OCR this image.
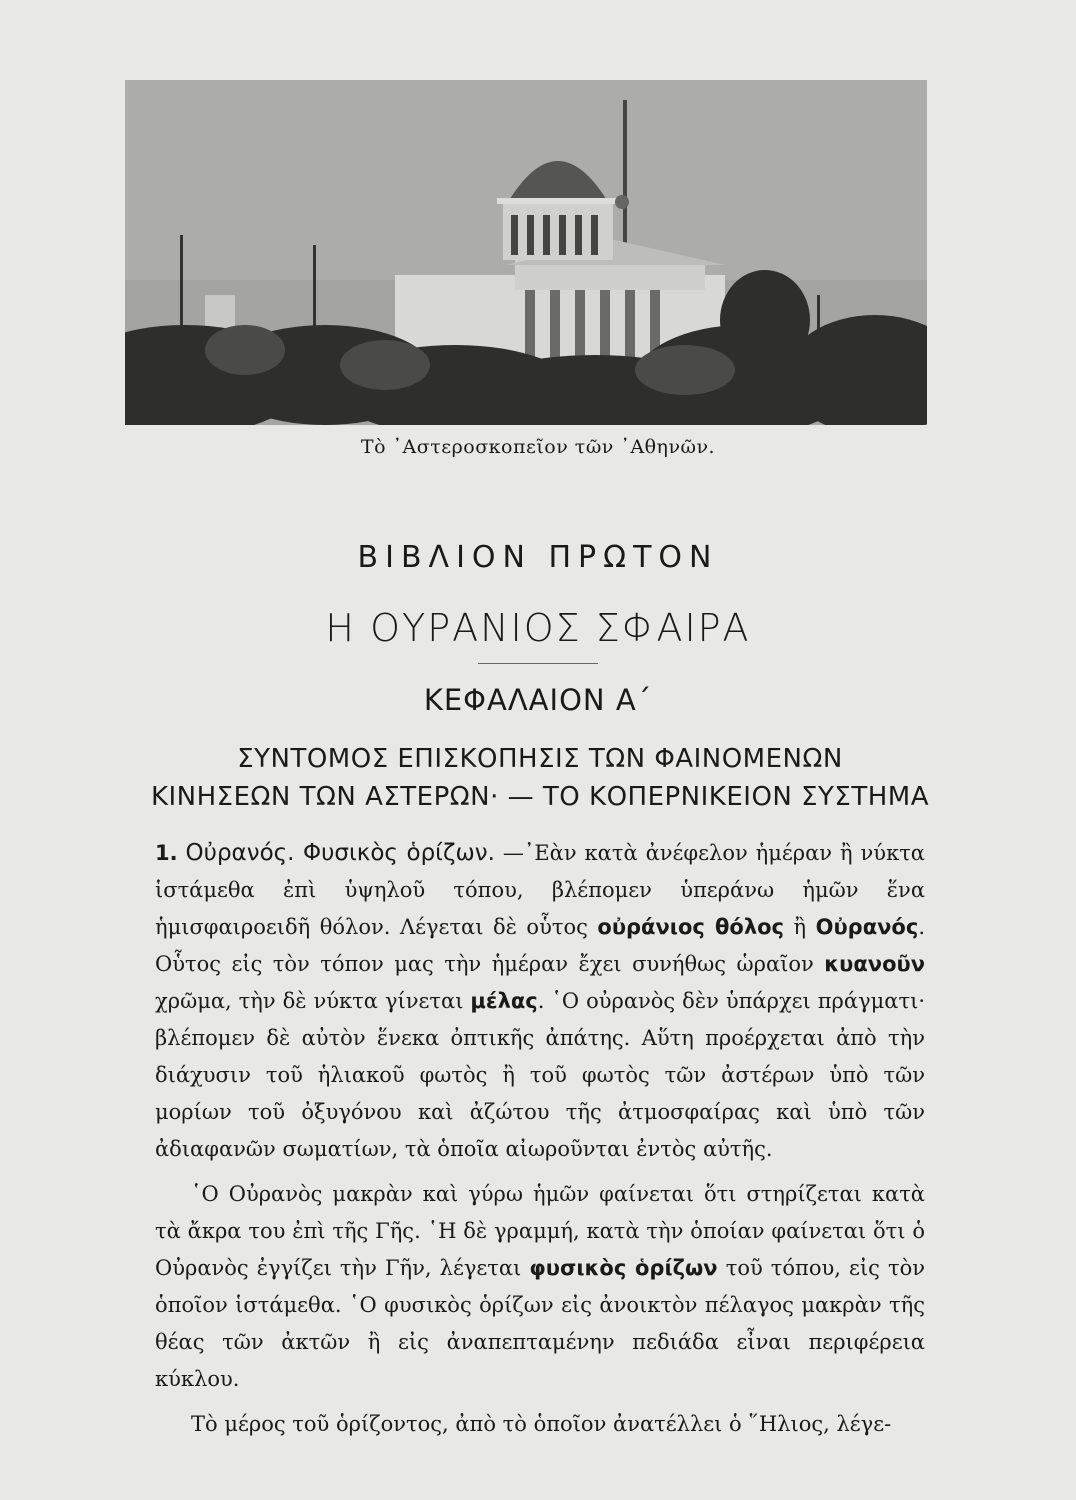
Τὸ ᾿Αστεροσκοπεῖον τῶν ᾿Αθηνῶν.
ΒΙΒΛΙΟΝ ΠΡΩΤΟΝ
Η ΟΥΡΑΝΙΟΣ ΣΦΑΙΡΑ
ΚΕΦΑΛΑΙΟΝ Α΄
ΣΥΝΤΟΜΟΣ ΕΠΙΣΚΟΠΗΣΙΣ ΤΩΝ ΦΑΙΝΟΜΕΝΩΝ
ΚΙΝΗΣΕΩΝ ΤΩΝ ΑΣΤΕΡΩΝ· — ΤΟ ΚΟΠΕΡΝΙΚΕΙΟΝ ΣΥΣΤΗΜΑ

1. Οὐρανός. Φυσικὸς ὁρίζων. —᾿Εὰν κατὰ ἀνέφελον ἡμέραν ἢ νύκτα ἱστάμεθα ἐπὶ ὑψηλοῦ τόπου, βλέπομεν ὑπεράνω ἡμῶν ἕνα ἡμισφαιροειδῆ θόλον. Λέγεται δὲ οὗτος οὐράνιος θόλος ἢ Οὐρανός. Οὗτος εἰς τὸν τόπον μας τὴν ἡμέραν ἔχει συνήθως ὡραῖον κυανοῦν χρῶμα, τὴν δὲ νύκτα γίνεται μέλας. ῾Ο οὐρανὸς δὲν ὑπάρχει πράγματι· βλέπομεν δὲ αὐτὸν ἕνεκα ὀπτικῆς ἀπάτης. Αὕτη προέρχεται ἀπὸ τὴν διάχυσιν τοῦ ἡλιακοῦ φωτὸς ἢ τοῦ φωτὸς τῶν ἀστέρων ὑπὸ τῶν μορίων τοῦ ὀξυγόνου καὶ ἀζώτου τῆς ἀτμοσφαίρας καὶ ὑπὸ τῶν ἀδιαφανῶν σωματίων, τὰ ὁποῖα αἰωροῦνται ἐντὸς αὐτῆς.

῾Ο Οὐρανὸς μακρὰν καὶ γύρω ἡμῶν φαίνεται ὅτι στηρίζεται κατὰ τὰ ἄκρα του ἐπὶ τῆς Γῆς. ῾Η δὲ γραμμή, κατὰ τὴν ὁποίαν φαίνεται ὅτι ὁ Οὐρανὸς ἐγγίζει τὴν Γῆν, λέγεται φυσικὸς ὁρίζων τοῦ τόπου, εἰς τὸν ὁποῖον ἱστάμεθα. ῾Ο φυσικὸς ὁρίζων εἰς ἀνοικτὸν πέλαγος μακρὰν τῆς θέας τῶν ἀκτῶν ἢ εἰς ἀναπεπταμένην πεδιάδα εἶναι περιφέρεια κύκλου.

Τὸ μέρος τοῦ ὁρίζοντος, ἀπὸ τὸ ὁποῖον ἀνατέλλει ὁ ῞Ηλιος, λέγε-
